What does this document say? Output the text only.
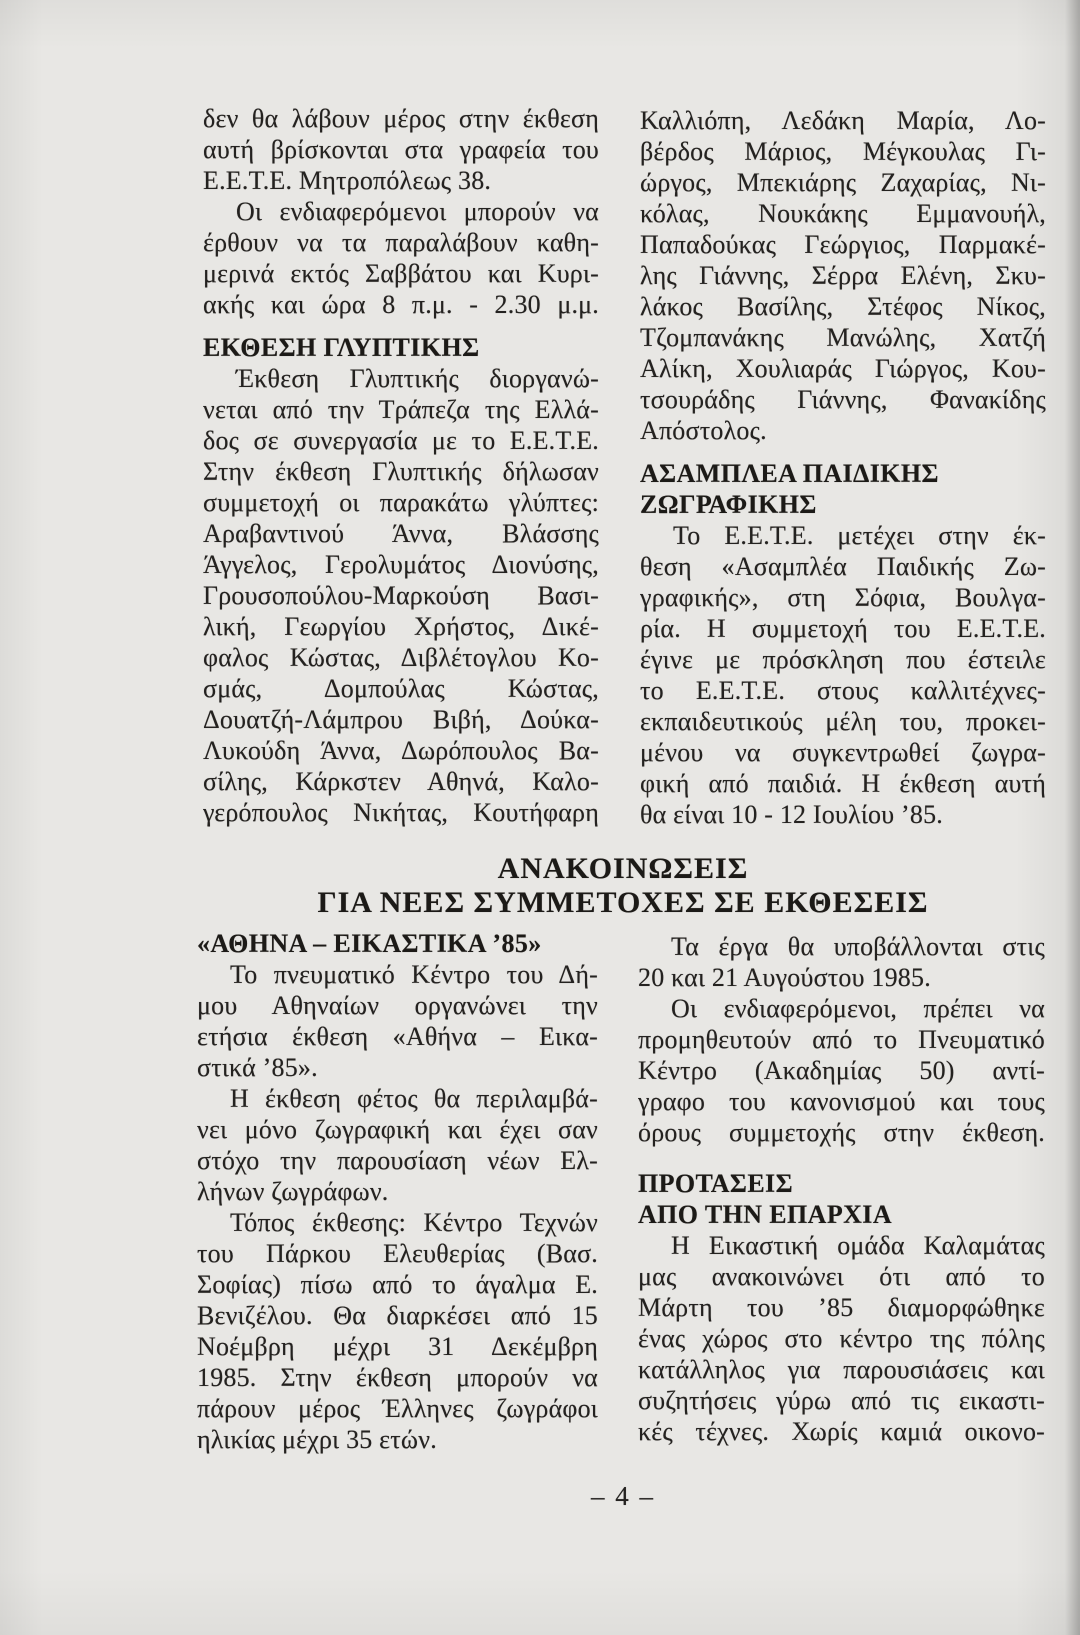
δεν θα λάβουν μέρος στην έκθεση
αυτή βρίσκονται στα γραφεία του
Ε.Ε.Τ.Ε. Μητροπόλεως 38.
Οι ενδιαφερόμενοι μπορούν να
έρθουν να τα παραλάβουν καθη-
μερινά εκτός Σαββάτου και Κυρι-
ακής και ώρα 8 π.μ. - 2.30 μ.μ.
ΕΚΘΕΣΗ ΓΛΥΠΤΙΚΗΣ
Έκθεση Γλυπτικής διοργανώ-
νεται από την Τράπεζα της Ελλά-
δος σε συνεργασία με το Ε.Ε.Τ.Ε.
Στην έκθεση Γλυπτικής δήλωσαν
συμμετοχή οι παρακάτω γλύπτες:
Αραβαντινού Άννα, Βλάσσης
Άγγελος, Γερολυμάτος Διονύσης,
Γρουσοπούλου-Μαρκούση Βασι-
λική, Γεωργίου Χρήστος, Δικέ-
φαλος Κώστας, Διβλέτογλου Κο-
σμάς, Δομπούλας Κώστας,
Δουατζή-Λάμπρου Βιβή, Δούκα-
Λυκούδη Άννα, Δωρόπουλος Βα-
σίλης, Κάρκστεν Αθηνά, Καλο-
γερόπουλος Νικήτας, Κουτήφαρη
Καλλιόπη, Λεδάκη Μαρία, Λο-
βέρδος Μάριος, Μέγκουλας Γι-
ώργος, Μπεκιάρης Ζαχαρίας, Νι-
κόλας, Νουκάκης Εμμανουήλ,
Παπαδούκας Γεώργιος, Παρμακέ-
λης Γιάννης, Σέρρα Ελένη, Σκυ-
λάκος Βασίλης, Στέφος Νίκος,
Τζομπανάκης Μανώλης, Χατζή
Αλίκη, Χουλιαράς Γιώργος, Κου-
τσουράδης Γιάννης, Φανακίδης
Απόστολος.
ΑΣΑΜΠΛΕΑ ΠΑΙΔΙΚΗΣ
ΖΩΓΡΑΦΙΚΗΣ
Το Ε.Ε.Τ.Ε. μετέχει στην έκ-
θεση «Ασαμπλέα Παιδικής Ζω-
γραφικής», στη Σόφια, Βουλγα-
ρία. Η συμμετοχή του Ε.Ε.Τ.Ε.
έγινε με πρόσκληση που έστειλε
το Ε.Ε.Τ.Ε. στους καλλιτέχνες-
εκπαιδευτικούς μέλη του, προκει-
μένου να συγκεντρωθεί ζωγρα-
φική από παιδιά. Η έκθεση αυτή
θα είναι 10 - 12 Ιουλίου ’85.
ΑΝΑΚΟΙΝΩΣΕΙΣ
ΓΙΑ ΝΕΕΣ ΣΥΜΜΕΤΟΧΕΣ ΣΕ ΕΚΘΕΣΕΙΣ
«ΑΘΗΝΑ – ΕΙΚΑΣΤΙΚΑ ’85»
Το πνευματικό Κέντρο του Δή-
μου Αθηναίων οργανώνει την
ετήσια έκθεση «Αθήνα – Εικα-
στικά ’85».
Η έκθεση φέτος θα περιλαμβά-
νει μόνο ζωγραφική και έχει σαν
στόχο την παρουσίαση νέων Ελ-
λήνων ζωγράφων.
Τόπος έκθεσης: Κέντρο Τεχνών
του Πάρκου Ελευθερίας (Βασ.
Σοφίας) πίσω από το άγαλμα Ε.
Βενιζέλου. Θα διαρκέσει από 15
Νοέμβρη μέχρι 31 Δεκέμβρη
1985. Στην έκθεση μπορούν να
πάρουν μέρος Έλληνες ζωγράφοι
ηλικίας μέχρι 35 ετών.
Τα έργα θα υποβάλλονται στις
20 και 21 Αυγούστου 1985.
Οι ενδιαφερόμενοι, πρέπει να
προμηθευτούν από το Πνευματικό
Κέντρο (Ακαδημίας 50) αντί-
γραφο του κανονισμού και τους
όρους συμμετοχής στην έκθεση.
ΠΡΟΤΑΣΕΙΣ
ΑΠΟ ΤΗΝ ΕΠΑΡΧΙΑ
Η Εικαστική ομάδα Καλαμάτας
μας ανακοινώνει ότι από το
Μάρτη του ’85 διαμορφώθηκε
ένας χώρος στο κέντρο της πόλης
κατάλληλος για παρουσιάσεις και
συζητήσεις γύρω από τις εικαστι-
κές τέχνες. Χωρίς καμιά οικονο-
– 4 –
